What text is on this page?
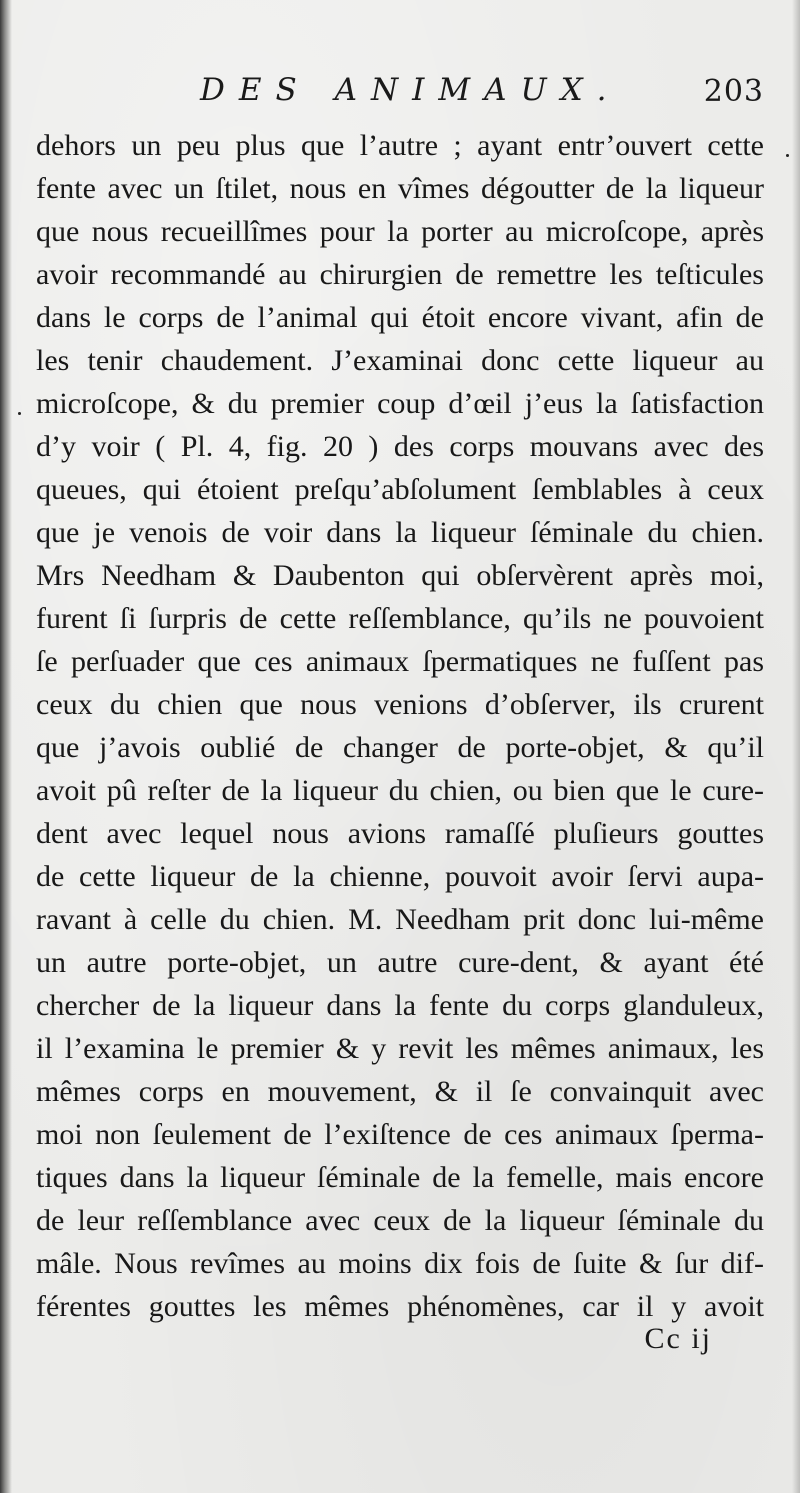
DES ANIMAUX.	203
dehors un peu plus que l’autre ; ayant entr’ouvert cette
fente avec un ſtilet, nous en vîmes dégoutter de la liqueur
que nous recueillîmes pour la porter au microſcope, après
avoir recommandé au chirurgien de remettre les teſticules
dans le corps de l’animal qui étoit encore vivant, afin de
les tenir chaudement. J’examinai donc cette liqueur au
microſcope, & du premier coup d’œil j’eus la ſatisfaction
d’y voir ( Pl. 4, fig. 20 ) des corps mouvans avec des
queues, qui étoient preſqu’abſolument ſemblables à ceux
que je venois de voir dans la liqueur ſéminale du chien.
Mrs Needham & Daubenton qui obſervèrent après moi,
furent ſi ſurpris de cette reſſemblance, qu’ils ne pouvoient
ſe perſuader que ces animaux ſpermatiques ne fuſſent pas
ceux du chien que nous venions d’obſerver, ils crurent
que j’avois oublié de changer de porte-objet, & qu’il
avoit pû reſter de la liqueur du chien, ou bien que le cure-
dent avec lequel nous avions ramaſſé pluſieurs gouttes
de cette liqueur de la chienne, pouvoit avoir ſervi aupa-
ravant à celle du chien. M. Needham prit donc lui-même
un autre porte-objet, un autre cure-dent, & ayant été
chercher de la liqueur dans la fente du corps glanduleux,
il l’examina le premier & y revit les mêmes animaux, les
mêmes corps en mouvement, & il ſe convainquit avec
moi non ſeulement de l’exiſtence de ces animaux ſperma-
tiques dans la liqueur ſéminale de la femelle, mais encore
de leur reſſemblance avec ceux de la liqueur ſéminale du
mâle. Nous revîmes au moins dix fois de ſuite & ſur dif-
férentes gouttes les mêmes phénomènes, car il y avoit
Cc ij
